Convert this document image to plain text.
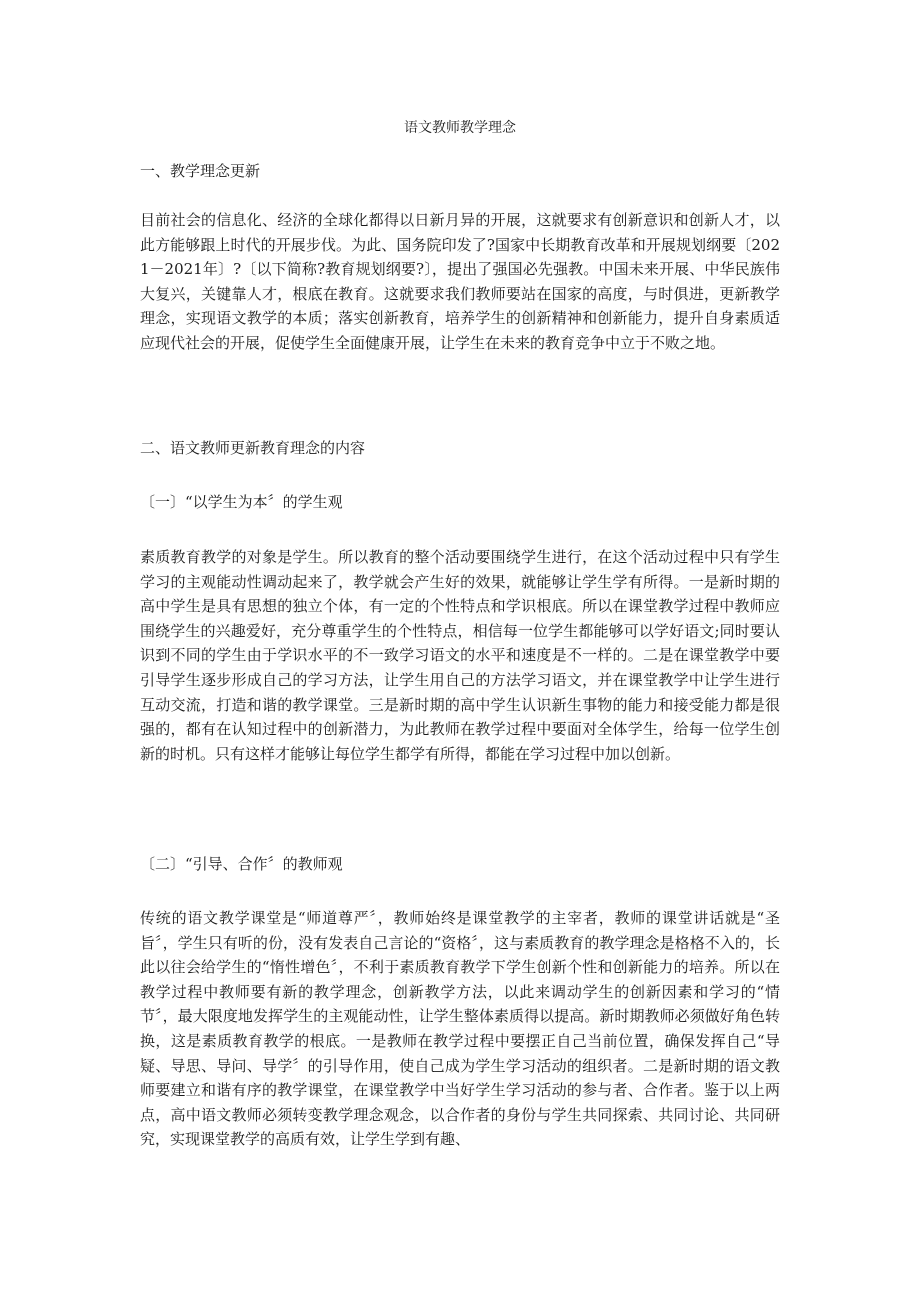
语文教师教学理念

一、教学理念更新

目前社会的信息化、经济的全球化都得以日新月异的开展，这就要求有创新意识和创新人才，以此方能够跟上时代的开展步伐。为此、国务院印发了?国家中长期教育改革和开展规划纲要〔2021－2021年〕?〔以下简称?教育规划纲要?〕，提出了强国必先强教。中国未来开展、中华民族伟大复兴，关键靠人才，根底在教育。这就要求我们教师要站在国家的高度，与时俱进，更新教学理念，实现语文教学的本质；落实创新教育，培养学生的创新精神和创新能力，提升自身素质适应现代社会的开展，促使学生全面健康开展，让学生在未来的教育竞争中立于不败之地。

二、语文教师更新教育理念的内容

〔一〕“以学生为本〞的学生观

素质教育教学的对象是学生。所以教育的整个活动要围绕学生进行，在这个活动过程中只有学生学习的主观能动性调动起来了，教学就会产生好的效果，就能够让学生学有所得。一是新时期的高中学生是具有思想的独立个体，有一定的个性特点和学识根底。所以在课堂教学过程中教师应围绕学生的兴趣爱好，充分尊重学生的个性特点，相信每一位学生都能够可以学好语文;同时要认识到不同的学生由于学识水平的不一致学习语文的水平和速度是不一样的。二是在课堂教学中要引导学生逐步形成自己的学习方法，让学生用自己的方法学习语文，并在课堂教学中让学生进行互动交流，打造和谐的教学课堂。三是新时期的高中学生认识新生事物的能力和接受能力都是很强的，都有在认知过程中的创新潜力，为此教师在教学过程中要面对全体学生，给每一位学生创新的时机。只有这样才能够让每位学生都学有所得，都能在学习过程中加以创新。

〔二〕“引导、合作〞的教师观

传统的语文教学课堂是“师道尊严〞，教师始终是课堂教学的主宰者，教师的课堂讲话就是“圣旨〞，学生只有听的份，没有发表自己言论的“资格〞，这与素质教育的教学理念是格格不入的，长此以往会给学生的“惰性增色〞，不利于素质教育教学下学生创新个性和创新能力的培养。所以在教学过程中教师要有新的教学理念，创新教学方法，以此来调动学生的创新因素和学习的“情节〞，最大限度地发挥学生的主观能动性，让学生整体素质得以提高。新时期教师必须做好角色转换，这是素质教育教学的根底。一是教师在教学过程中要摆正自己当前位置，确保发挥自己“导疑、导思、导问、导学〞的引导作用，使自己成为学生学习活动的组织者。二是新时期的语文教师要建立和谐有序的教学课堂，在课堂教学中当好学生学习活动的参与者、合作者。鉴于以上两点，高中语文教师必须转变教学理念观念，以合作者的身份与学生共同探索、共同讨论、共同研究，实现课堂教学的高质有效，让学生学到有趣、
